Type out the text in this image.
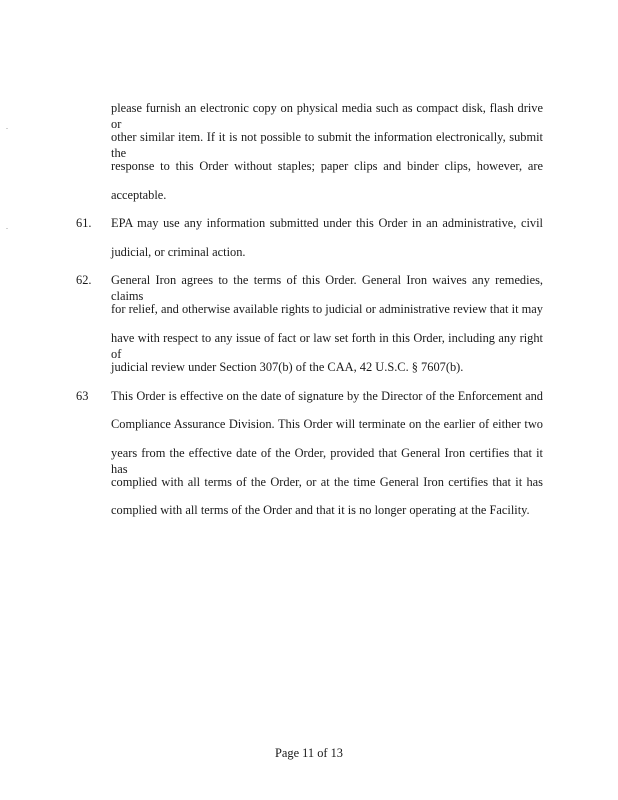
please furnish an electronic copy on physical media such as compact disk, flash drive or
other similar item. If it is not possible to submit the information electronically, submit the
response to this Order without staples; paper clips and binder clips, however, are
acceptable.
.
.	61. EPA may use any information submitted under this Order in an administrative, civil
judicial, or criminal action.
62. General Iron agrees to the terms of this Order. General Iron waives any remedies, claims
for relief, and otherwise available rights to judicial or administrative review that it may
have with respect to any issue of fact or law set forth in this Order, including any right of
judicial review under Section 307(b) of the CAA, 42 U.S.C. § 7607(b).
63 This Order is effective on the date of signature by the Director of the Enforcement and
Compliance Assurance Division. This Order will terminate on the earlier of either two
years from the effective date of the Order, provided that General Iron certifies that it has
complied with all terms of the Order, or at the time General Iron certifies that it has
complied with all terms of the Order and that it is no longer operating at the Facility.
Page 11 of 13
